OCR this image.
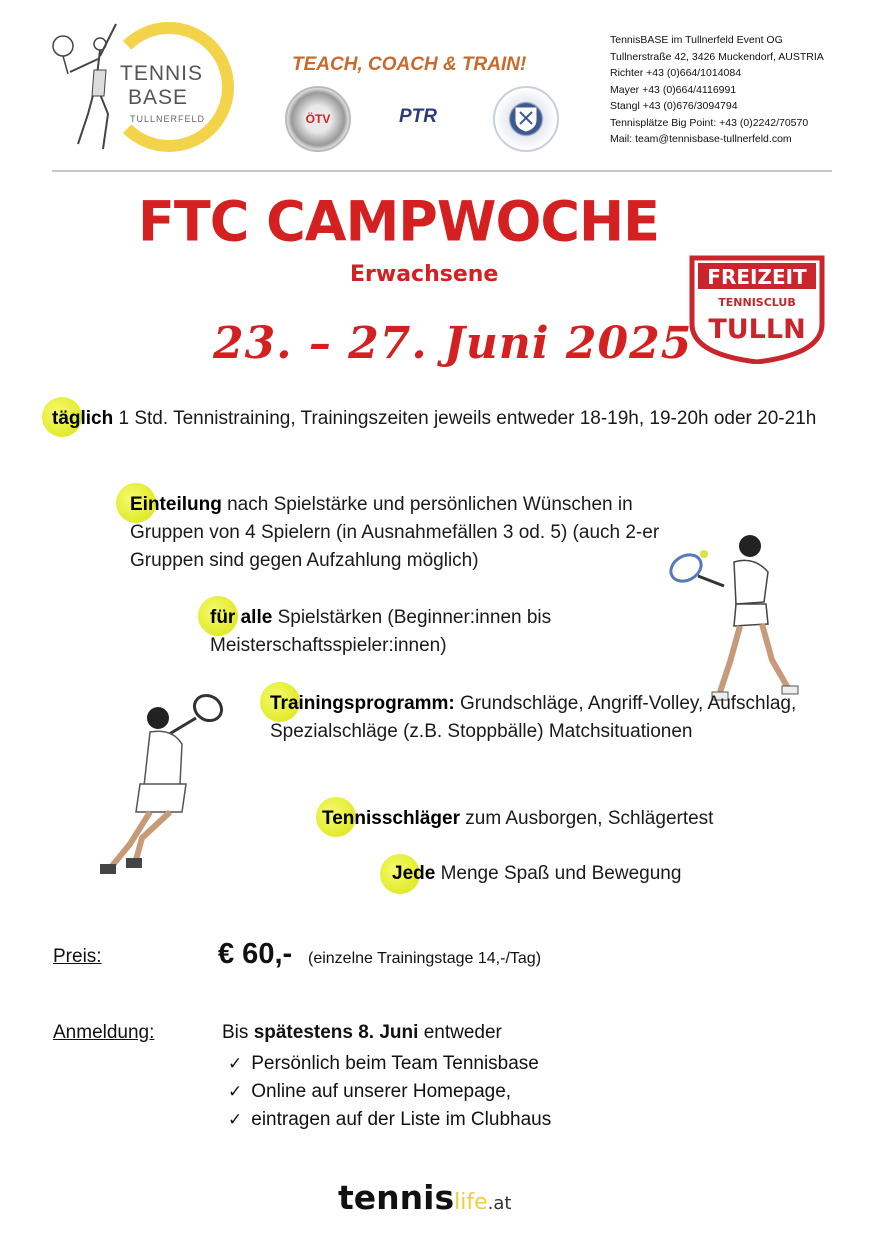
TENNIS
BASE
TULLNERFELD
TEACH, COACH & TRAIN!
ÖTV	PTR
TennisBASE im Tullnerfeld Event OG
Tullnerstraße 42, 3426 Muckendorf, AUSTRIA
Richter +43 (0)664/1014084
Mayer +43 (0)664/4116991
Stangl +43 (0)676/3094794
Tennisplätze Big Point: +43 (0)2242/70570
Mail: team@tennisbase-tullnerfeld.com
FTC CAMPWOCHE
Erwachsene
23. – 27. Juni 2025
FREIZEIT
TENNISCLUB
TULLN
täglich 1 Std. Tennistraining, Trainingszeiten jeweils entweder 18-19h, 19-20h oder 20-21h
Einteilung nach Spielstärke und persönlichen Wünschen in Gruppen von 4 Spielern (in Ausnahmefällen 3 od. 5) (auch 2-er Gruppen sind gegen Aufzahlung möglich)
für alle Spielstärken (Beginner:innen bis Meisterschaftsspieler:innen)
Trainingsprogramm: Grundschläge, Angriff-Volley, Aufschlag, Spezialschläge (z.B. Stoppbälle) Matchsituationen
Tennisschläger zum Ausborgen, Schlägertest
Jede Menge Spaß und Bewegung
Preis:	€ 60,- (einzelne Trainingstage 14,-/Tag)
Anmeldung:	Bis spätestens 8. Juni entweder
✓ Persönlich beim Team Tennisbase
✓ Online auf unserer Homepage,
✓ eintragen auf der Liste im Clubhaus
tennislife.at
